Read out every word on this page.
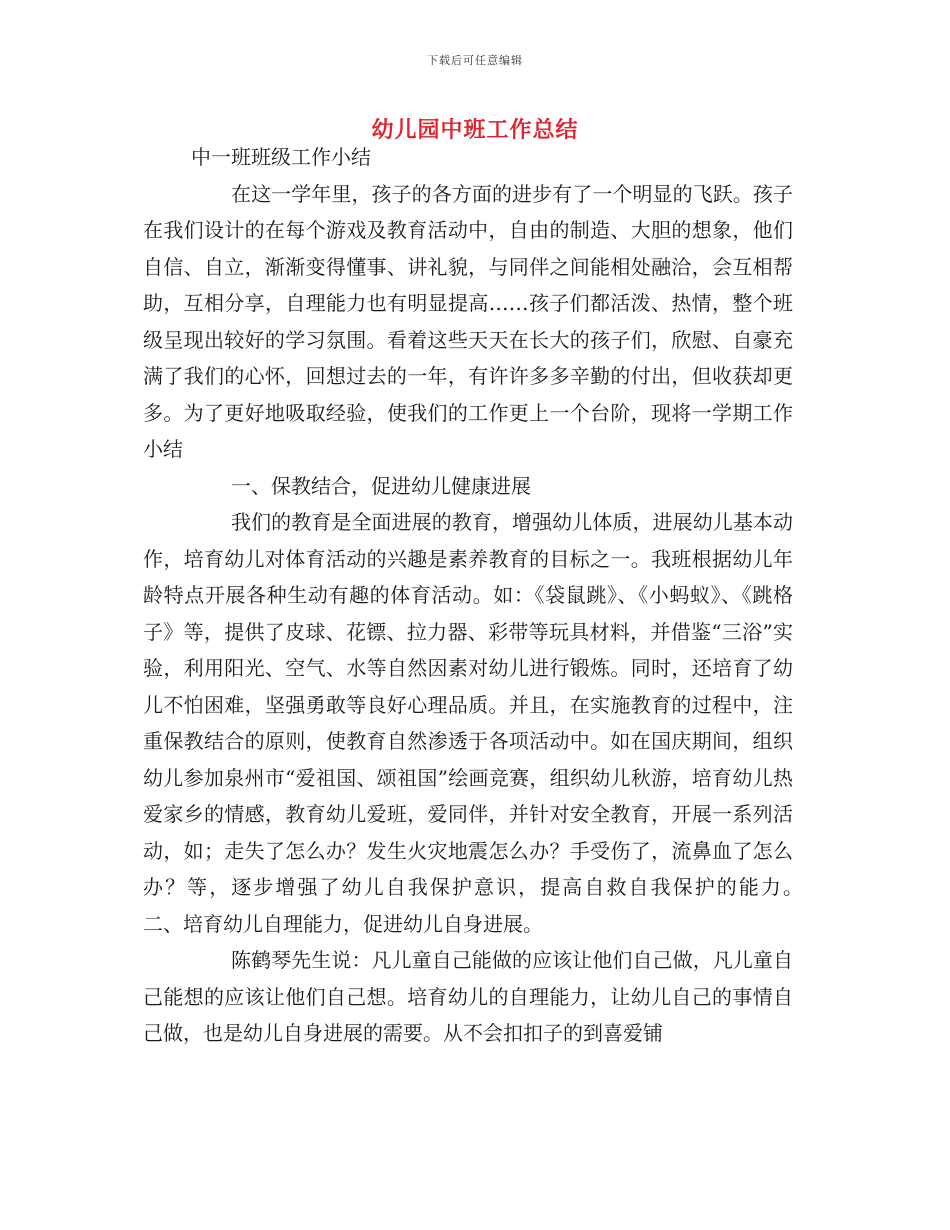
下载后可任意编辑
幼儿园中班工作总结

中一班班级工作小结

在这一学年里，孩子的各方面的进步有了一个明显的飞跃。孩子在我们设计的在每个游戏及教育活动中，自由的制造、大胆的想象，他们自信、自立，渐渐变得懂事、讲礼貌，与同伴之间能相处融洽，会互相帮助，互相分享，自理能力也有明显提高……孩子们都活泼、热情，整个班级呈现出较好的学习氛围。看着这些天天在长大的孩子们，欣慰、自豪充满了我们的心怀，回想过去的一年，有许许多多辛勤的付出，但收获却更多。为了更好地吸取经验，使我们的工作更上一个台阶，现将一学期工作小结

一、保教结合，促进幼儿健康进展

我们的教育是全面进展的教育，增强幼儿体质，进展幼儿基本动作，培育幼儿对体育活动的兴趣是素养教育的目标之一。我班根据幼儿年龄特点开展各种生动有趣的体育活动。如：《袋鼠跳》、《小蚂蚁》、《跳格子》等，提供了皮球、花镖、拉力器、彩带等玩具材料，并借鉴“三浴”实验，利用阳光、空气、水等自然因素对幼儿进行锻炼。同时，还培育了幼儿不怕困难，坚强勇敢等良好心理品质。并且，在实施教育的过程中，注重保教结合的原则，使教育自然渗透于各项活动中。如在国庆期间，组织幼儿参加泉州市“爱祖国、颂祖国”绘画竞赛，组织幼儿秋游，培育幼儿热爱家乡的情感，教育幼儿爱班，爱同伴，并针对安全教育，开展一系列活动，如；走失了怎么办？发生火灾地震怎么办？手受伤了，流鼻血了怎么办？等，逐步增强了幼儿自我保护意识，提高自救自我保护的能力。　　二、培育幼儿自理能力，促进幼儿自身进展。

陈鹤琴先生说：凡儿童自己能做的应该让他们自己做，凡儿童自己能想的应该让他们自己想。培育幼儿的自理能力，让幼儿自己的事情自己做，也是幼儿自身进展的需要。从不会扣扣子的到喜爱铺
